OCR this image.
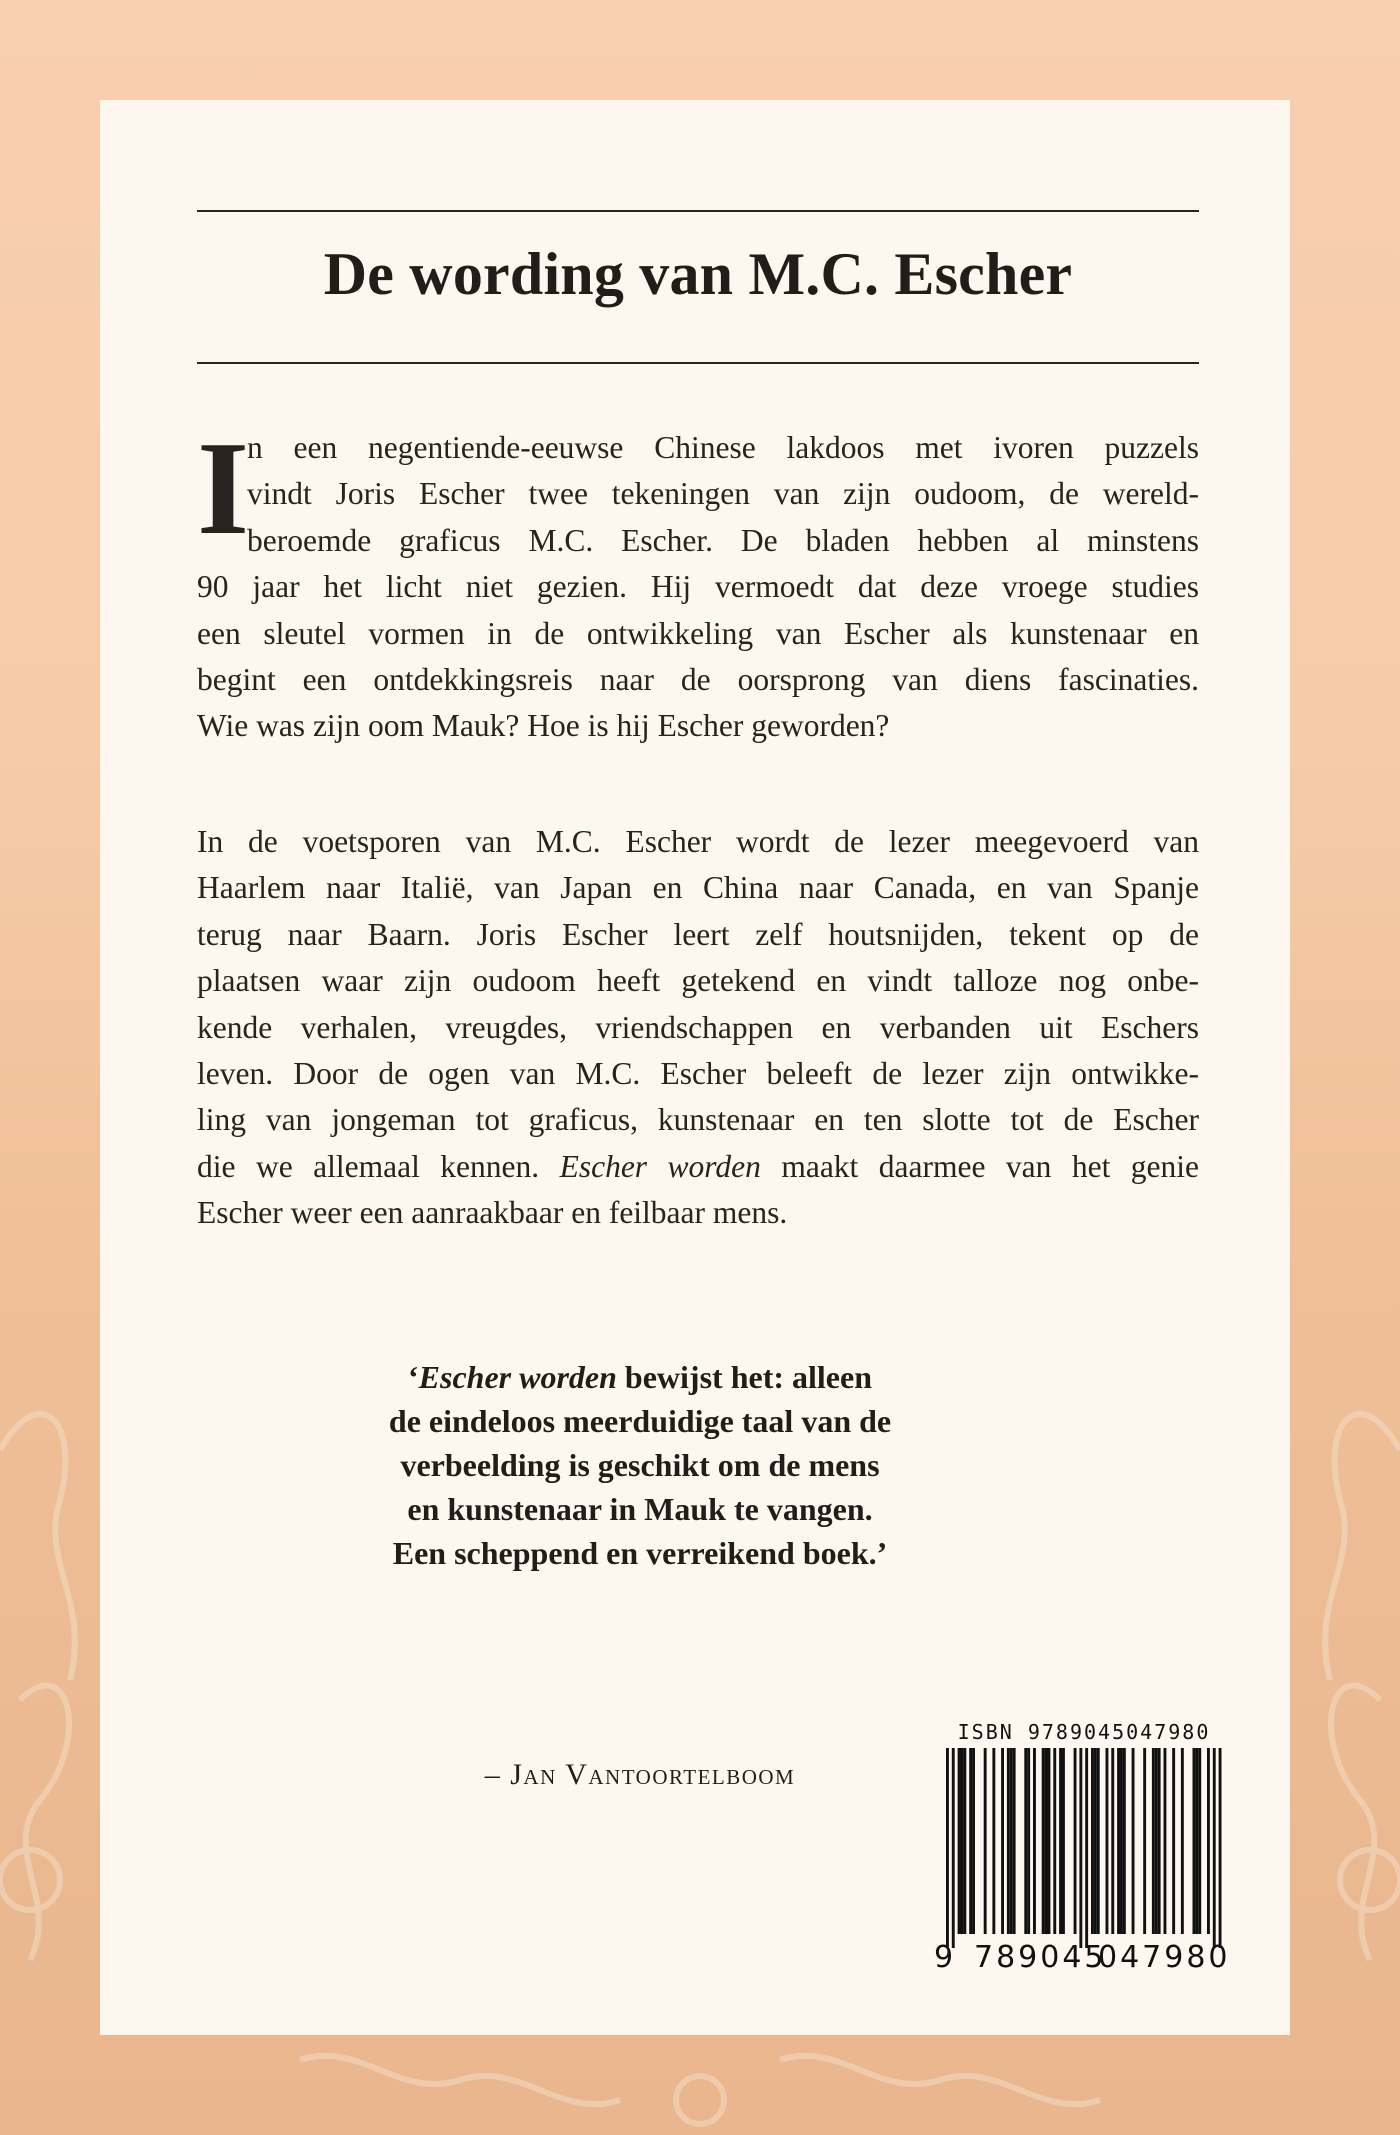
De wording van M.C. Escher
I
n een negentiende-eeuwse Chinese lakdoos met ivoren puzzels
vindt Joris Escher twee tekeningen van zijn oudoom, de wereld-
beroemde graficus M.C. Escher. De bladen hebben al minstens
90 jaar het licht niet gezien. Hij vermoedt dat deze vroege studies
een sleutel vormen in de ontwikkeling van Escher als kunstenaar en
begint een ontdekkingsreis naar de oorsprong van diens fascinaties.
Wie was zijn oom Mauk? Hoe is hij Escher geworden?
In de voetsporen van M.C. Escher wordt de lezer meegevoerd van
Haarlem naar Italië, van Japan en China naar Canada, en van Spanje
terug naar Baarn. Joris Escher leert zelf houtsnijden, tekent op de
plaatsen waar zijn oudoom heeft getekend en vindt talloze nog onbe-
kende verhalen, vreugdes, vriendschappen en verbanden uit Eschers
leven. Door de ogen van M.C. Escher beleeft de lezer zijn ontwikke-
ling van jongeman tot graficus, kunstenaar en ten slotte tot de Escher
die we allemaal kennen. Escher worden maakt daarmee van het genie
Escher weer een aanraakbaar en feilbaar mens.

‘Escher worden bewijst het: alleen
de eindeloos meerduidige taal van de
verbeelding is geschikt om de mens
en kunstenaar in Mauk te vangen.
Een scheppend en verreikend boek.’

– Jan Vantoortelboom
ISBN 9789045047980
9 789045
047980
